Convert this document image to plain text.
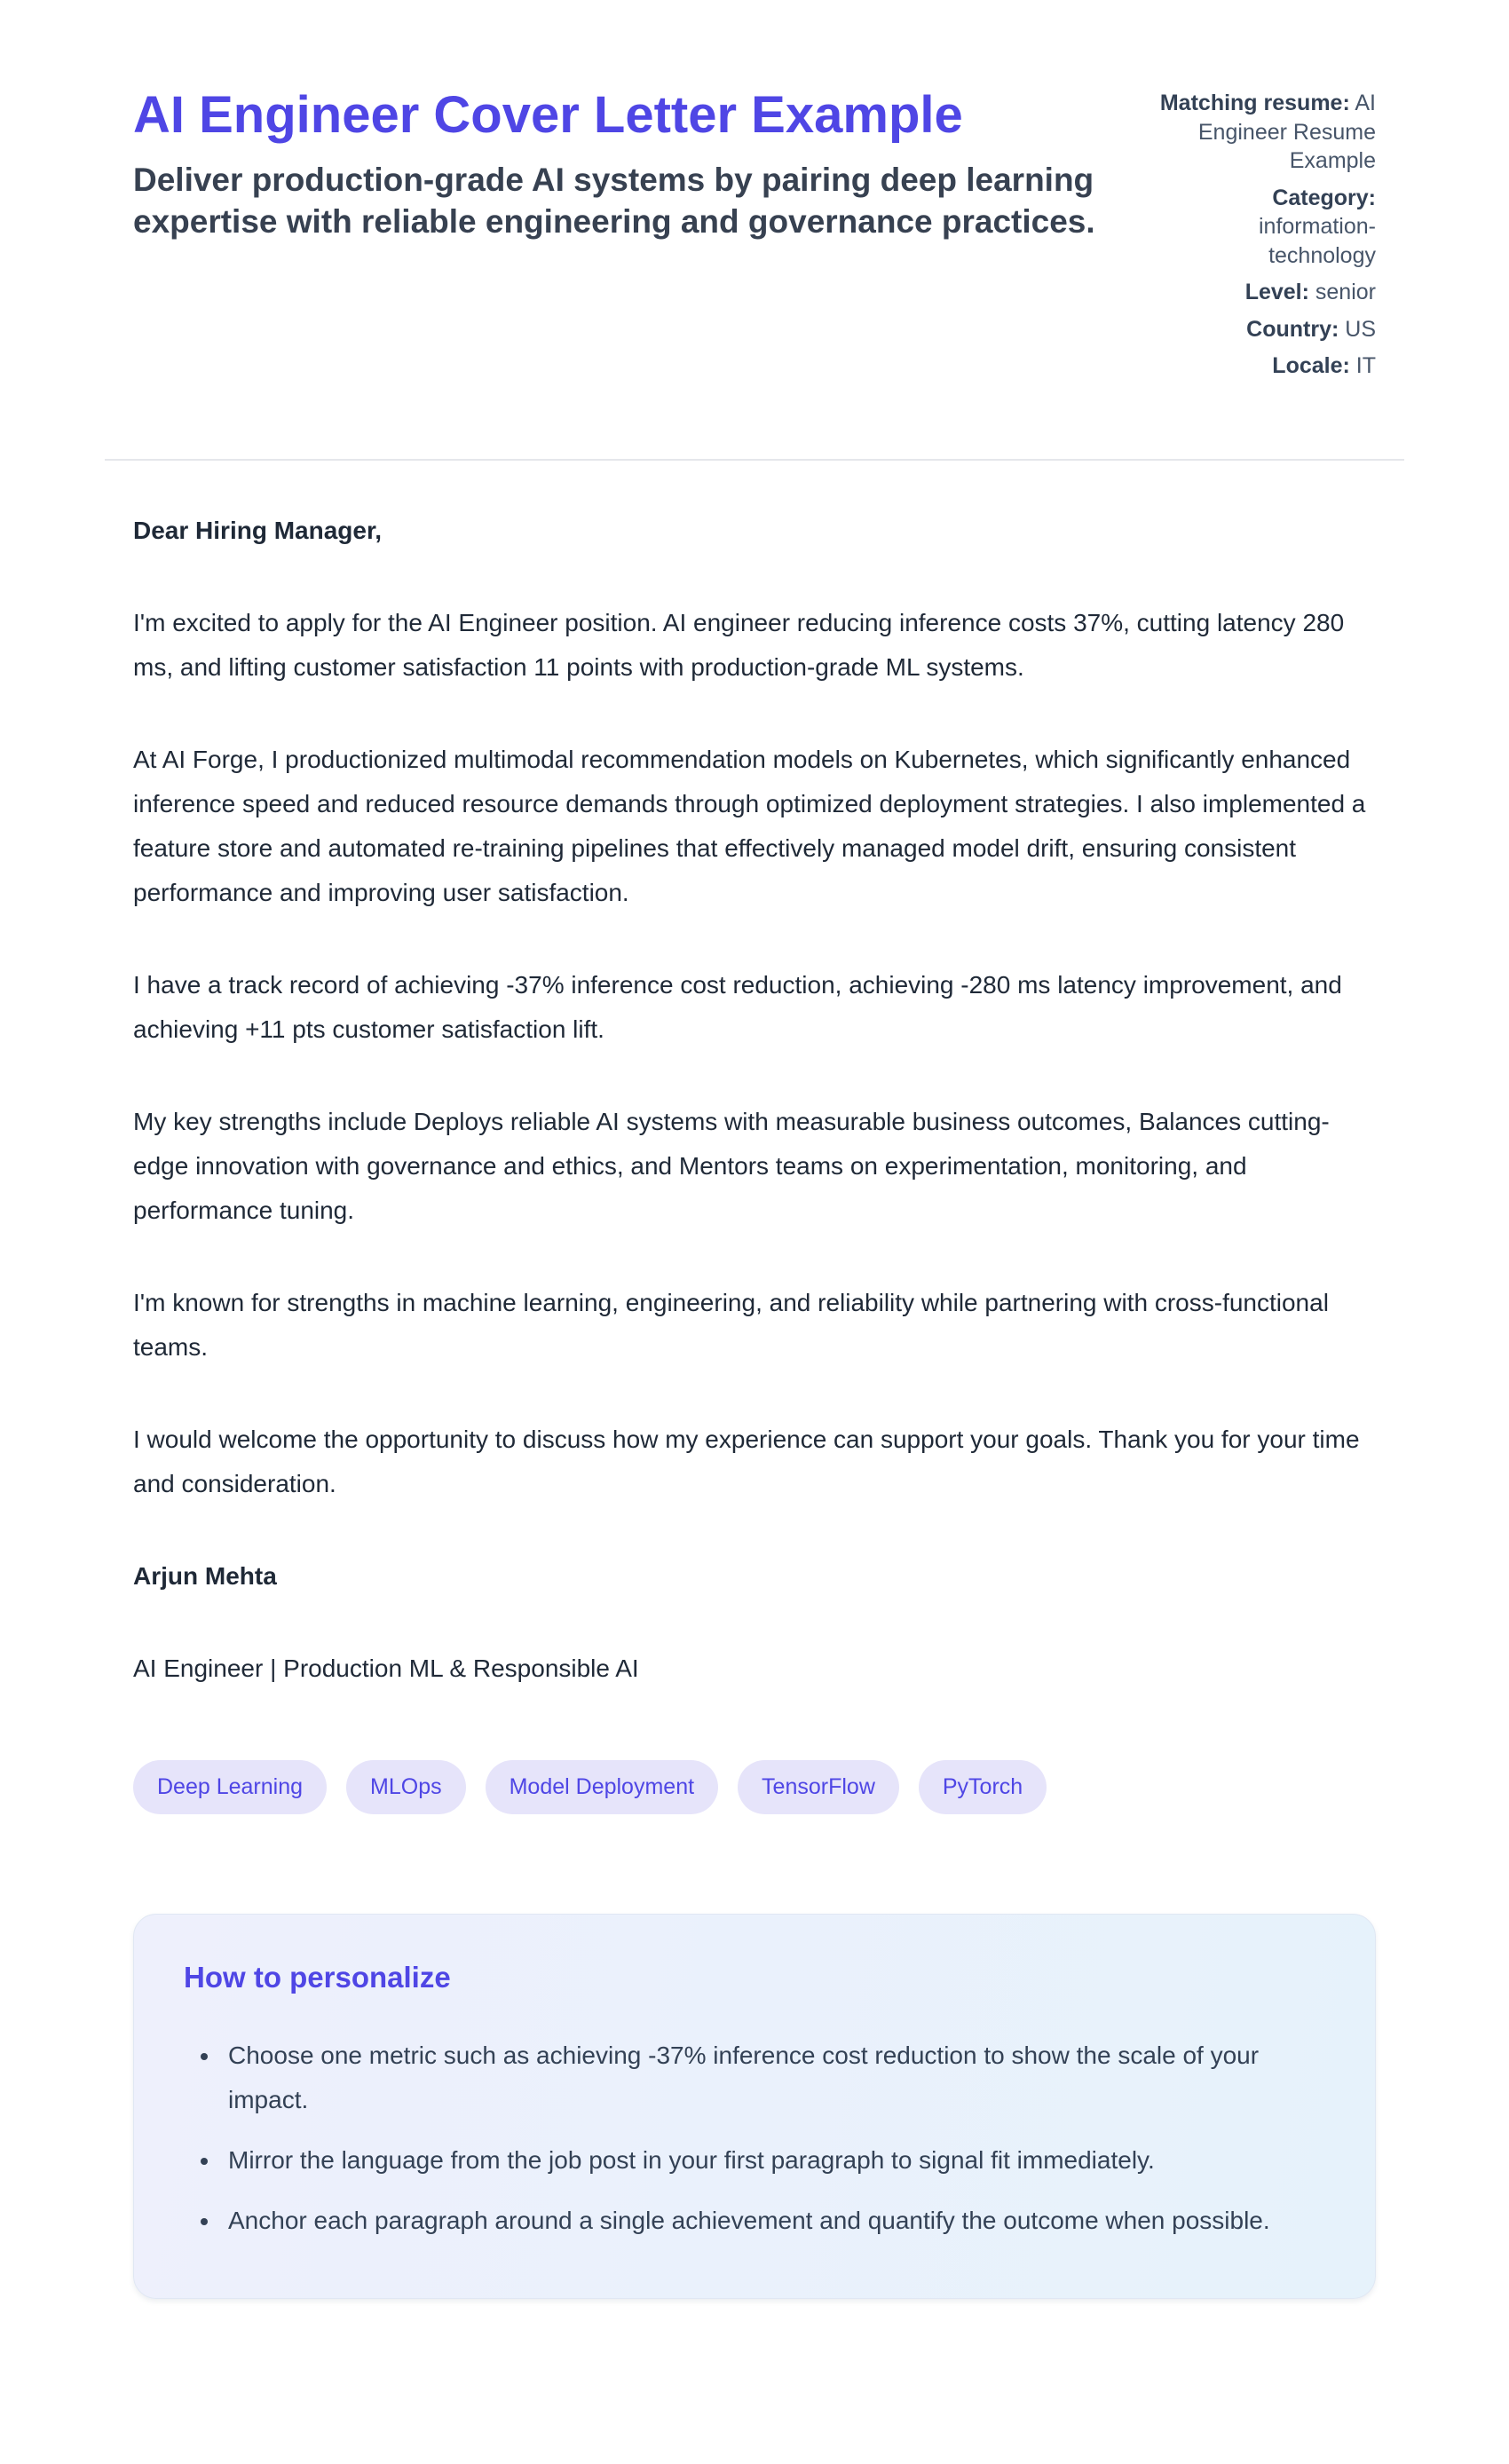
AI Engineer Cover Letter Example

Deliver production-grade AI systems by pairing deep learning expertise with reliable engineering and governance practices.

Matching resume: AI Engineer Resume Example
Category: information-technology
Level: senior
Country: US
Locale: IT

Dear Hiring Manager,

I'm excited to apply for the AI Engineer position. AI engineer reducing inference costs 37%, cutting latency 280 ms, and lifting customer satisfaction 11 points with production-grade ML systems.

At AI Forge, I productionized multimodal recommendation models on Kubernetes, which significantly enhanced inference speed and reduced resource demands through optimized deployment strategies. I also implemented a feature store and automated re-training pipelines that effectively managed model drift, ensuring consistent performance and improving user satisfaction.

I have a track record of achieving -37% inference cost reduction, achieving -280 ms latency improvement, and achieving +11 pts customer satisfaction lift.

My key strengths include Deploys reliable AI systems with measurable business outcomes, Balances cutting-edge innovation with governance and ethics, and Mentors teams on experimentation, monitoring, and performance tuning.

I'm known for strengths in machine learning, engineering, and reliability while partnering with cross-functional teams.

I would welcome the opportunity to discuss how my experience can support your goals. Thank you for your time and consideration.

Arjun Mehta

AI Engineer | Production ML & Responsible AI

Deep Learning	MLOps	Model Deployment	TensorFlow	PyTorch
How to personalize
• Choose one metric such as achieving -37% inference cost reduction to show the scale of your impact.
• Mirror the language from the job post in your first paragraph to signal fit immediately.
• Anchor each paragraph around a single achievement and quantify the outcome when possible.
